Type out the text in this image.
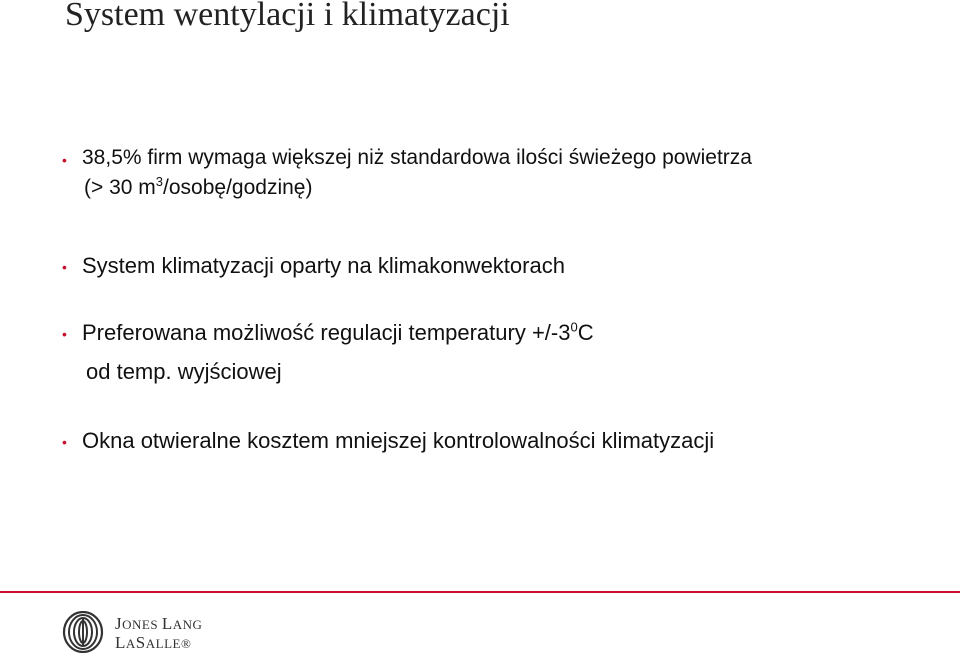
System wentylacji i klimatyzacji
• 38,5% firm wymaga większej niż standardowa ilości świeżego powietrza
(> 30 $m^3/osobę/godzinę$)
• System klimatyzacji oparty na klimakonwektorach
• Preferowana możliwość regulacji temperatury $+/-3^0C$
od temp. wyjściowej
• Okna otwieralne kosztem mniejszej kontrolowalności klimatyzacji
JONES LANG
LASALLE®
